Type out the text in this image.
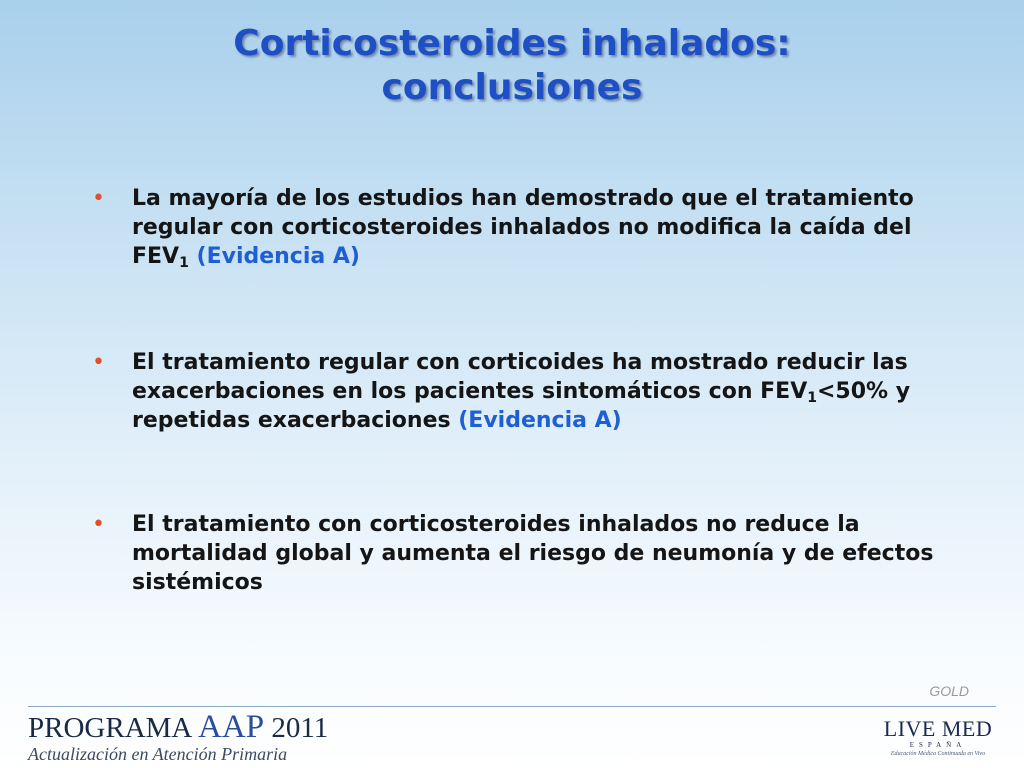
Corticosteroides inhalados:
conclusiones
• La mayoría de los estudios han demostrado que el tratamiento regular con corticosteroides inhalados no modifica la caída del $FEV_1$ (Evidencia A)
• El tratamiento regular con corticoides ha mostrado reducir las exacerbaciones en los pacientes sintomáticos con $FEV_1<50\%$ y repetidas exacerbaciones (Evidencia A)
• El tratamiento con corticosteroides inhalados no reduce la mortalidad global y aumenta el riesgo de neumonía y de efectos sistémicos
GOLD
PROGRAMA AAP 2011
Actualización en Atención Primaria
LIVE MED
ESPAÑA
Educación Médica Continuada en Vivo
